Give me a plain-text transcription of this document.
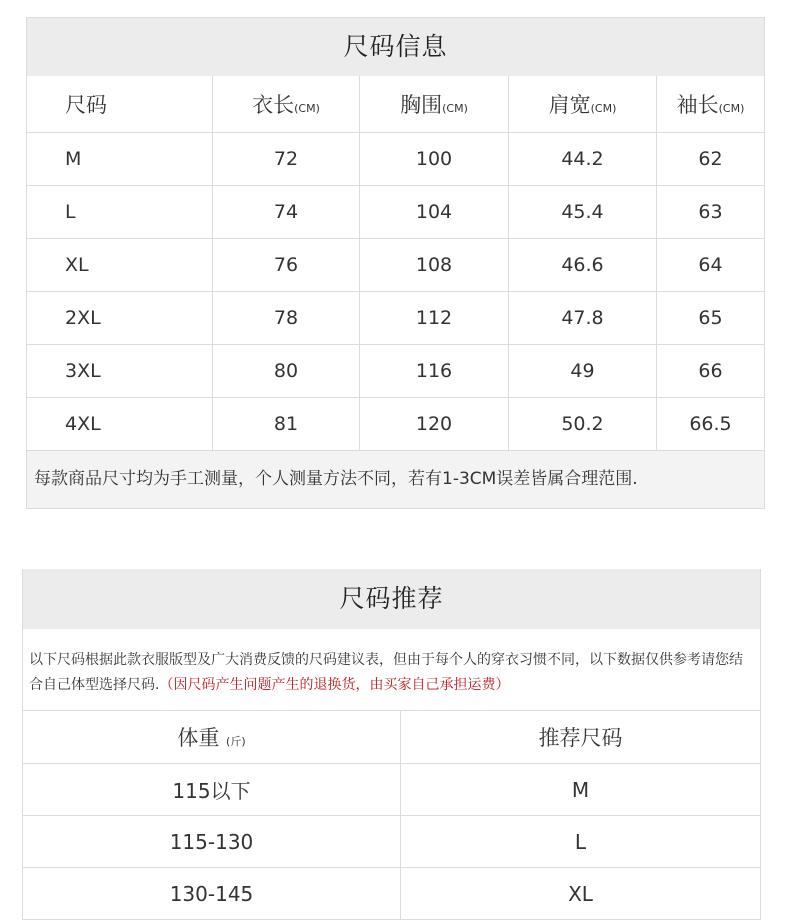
尺码信息
尺码	衣长(CM)	胸围(CM)	肩宽(CM)	袖长(CM)
M	72	100	44.2	62
L	74	104	45.4	63
XL	76	108	46.6	64
2XL	78	112	47.8	65
3XL	80	116	49	66
4XL	81	120	50.2	66.5
每款商品尺寸均为手工测量，个人测量方法不同，若有1-3CM误差皆属合理范围.
尺码推荐
以下尺码根据此款衣服版型及广大消费反馈的尺码建议表，但由于每个人的穿衣习惯不同，以下数据仅供参考请您结合自己体型选择尺码.（因尺码产生问题产生的退换货，由买家自己承担运费）
体重 (斤)	推荐尺码
115以下	M
115-130	L
130-145	XL
